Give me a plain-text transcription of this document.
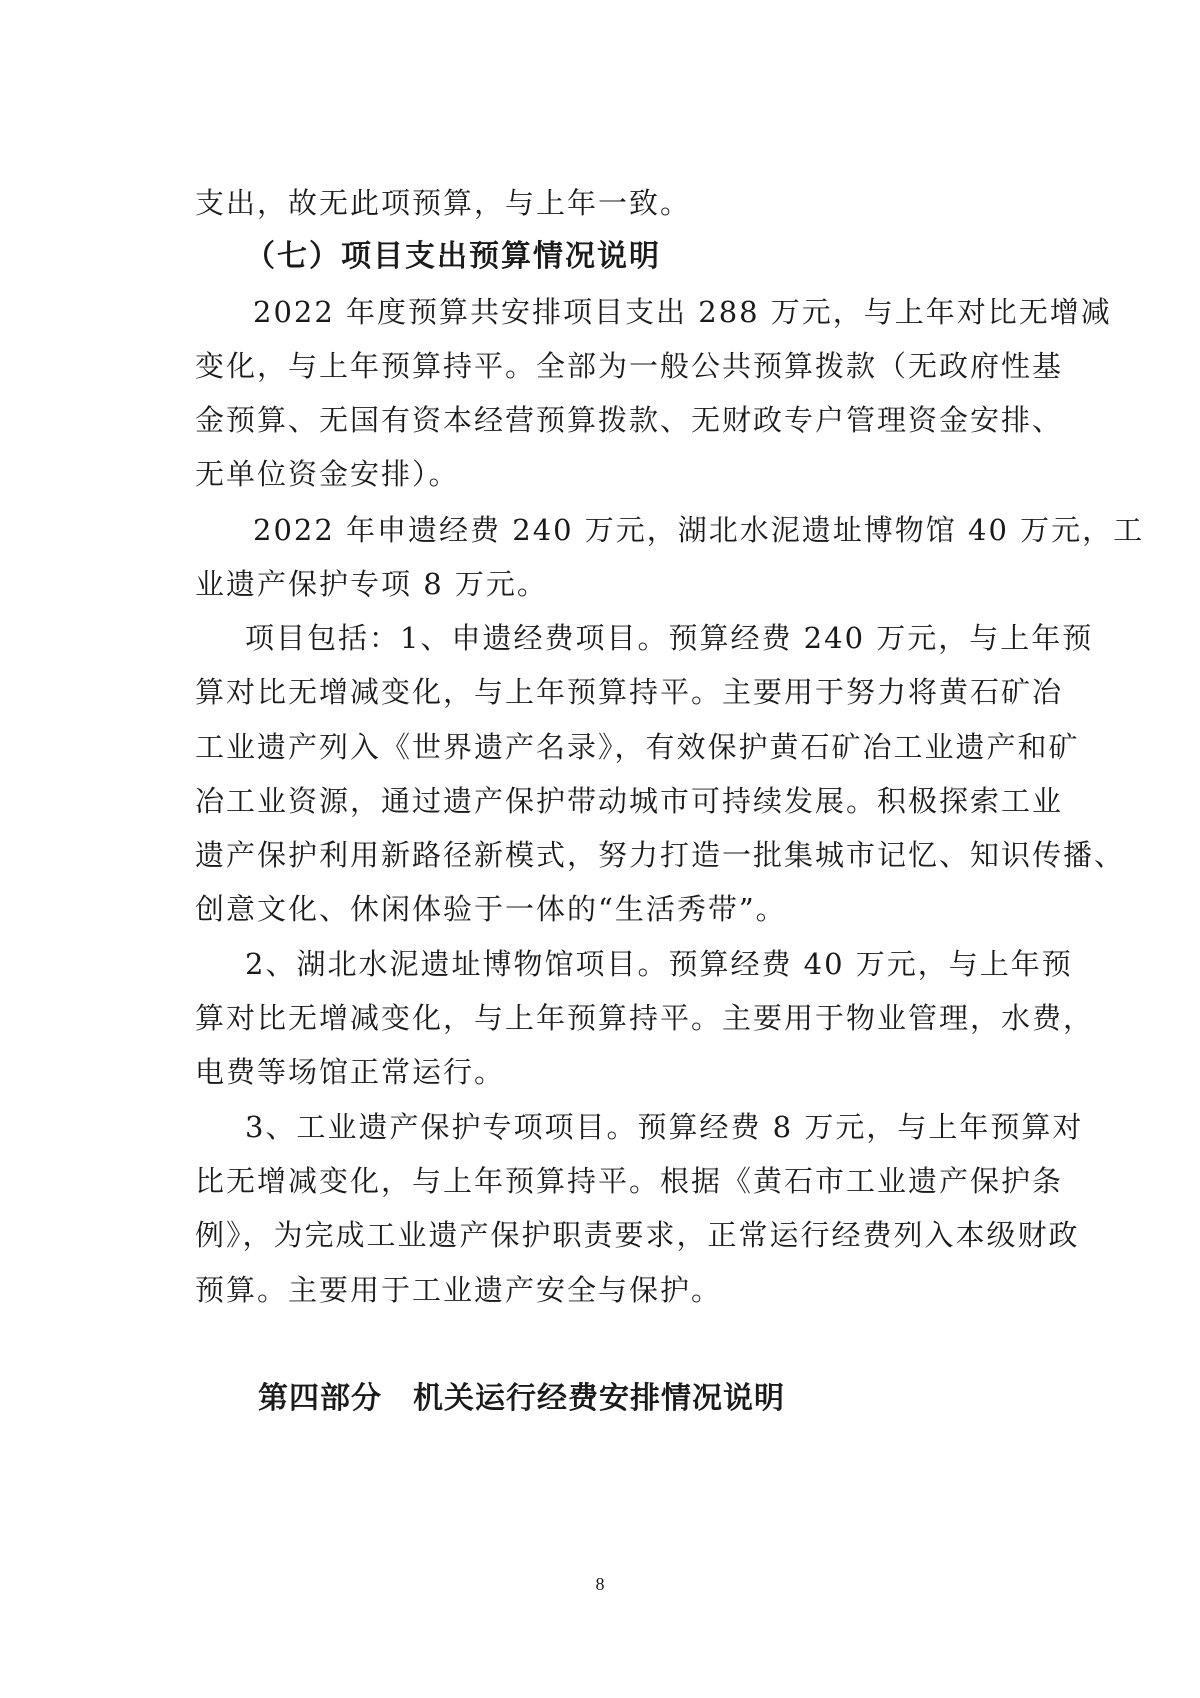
支出，故无此项预算，与上年一致。
（七）项目支出预算情况说明
2022 年度预算共安排项目支出 288 万元，与上年对比无增减
变化，与上年预算持平。全部为一般公共预算拨款（无政府性基
金预算、无国有资本经营预算拨款、无财政专户管理资金安排、
无单位资金安排）。
2022 年申遗经费 240 万元，湖北水泥遗址博物馆 40 万元，工
业遗产保护专项 8 万元。
项目包括：1、申遗经费项目。预算经费 240 万元，与上年预
算对比无增减变化，与上年预算持平。主要用于努力将黄石矿冶
工业遗产列入《世界遗产名录》，有效保护黄石矿冶工业遗产和矿
冶工业资源，通过遗产保护带动城市可持续发展。积极探索工业
遗产保护利用新路径新模式，努力打造一批集城市记忆、知识传播、
创意文化、休闲体验于一体的“生活秀带”。
2、湖北水泥遗址博物馆项目。预算经费 40 万元，与上年预
算对比无增减变化，与上年预算持平。主要用于物业管理，水费，
电费等场馆正常运行。
3、工业遗产保护专项项目。预算经费 8 万元，与上年预算对
比无增减变化，与上年预算持平。根据《黄石市工业遗产保护条
例》，为完成工业遗产保护职责要求，正常运行经费列入本级财政
预算。主要用于工业遗产安全与保护。
第四部分　机关运行经费安排情况说明
8
